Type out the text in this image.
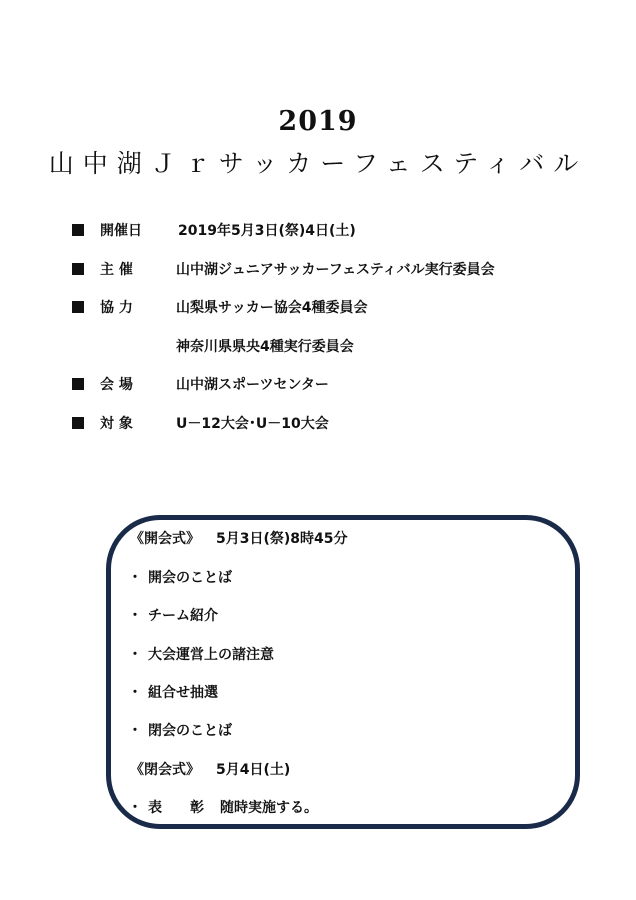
2019
山中湖Ｊｒサッカーフェスティバル
開催日	2019年5月3日(祭)4日(土)
主 催	山中湖ジュニアサッカーフェスティバル実行委員会
協 力	山梨県サッカー協会4種委員会
神奈川県県央4種実行委員会
会 場	山中湖スポーツセンター
対 象	U－12大会･U－10大会
《開会式》 5月3日(祭)8時45分
・ 開会のことば
・ チーム紹介
・ 大会運営上の諸注意
・ 組合せ抽選
・ 閉会のことば
《閉会式》 5月4日(土)
・ 表　　彰 随時実施する。
